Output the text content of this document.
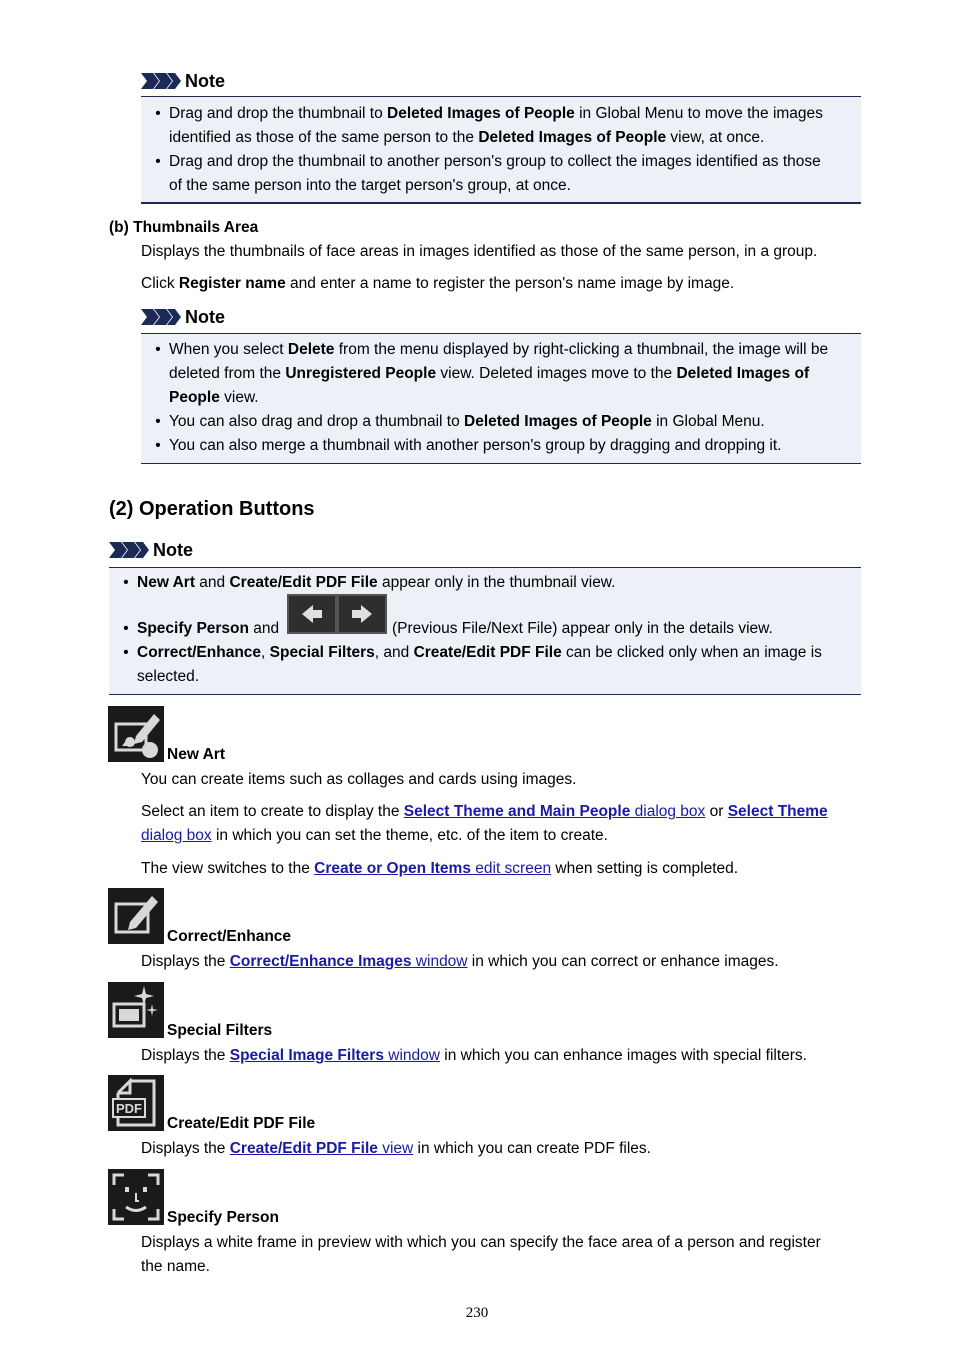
Note
• Drag and drop the thumbnail to Deleted Images of People in Global Menu to move the images
identified as those of the same person to the Deleted Images of People view, at once.
• Drag and drop the thumbnail to another person's group to collect the images identified as those
of the same person into the target person's group, at once.
(b) Thumbnails Area
Displays the thumbnails of face areas in images identified as those of the same person, in a group.
Click Register name and enter a name to register the person's name image by image.
Note
• When you select Delete from the menu displayed by right-clicking a thumbnail, the image will be
deleted from the Unregistered People view. Deleted images move to the Deleted Images of
People view.
• You can also drag and drop a thumbnail to Deleted Images of People in Global Menu.
• You can also merge a thumbnail with another person's group by dragging and dropping it.
(2) Operation Buttons
Note
• New Art and Create/Edit PDF File appear only in the thumbnail view.
• Specify Person and	(Previous File/Next File) appear only in the details view.
• Correct/Enhance, Special Filters, and Create/Edit PDF File can be clicked only when an image is
selected.
New Art
You can create items such as collages and cards using images.
Select an item to create to display the Select Theme and Main People dialog box or Select Theme
dialog box in which you can set the theme, etc. of the item to create.
The view switches to the Create or Open Items edit screen when setting is completed.
Correct/Enhance
Displays the Correct/Enhance Images window in which you can correct or enhance images.
Special Filters
Displays the Special Image Filters window in which you can enhance images with special filters.
PDF
Create/Edit PDF File
Displays the Create/Edit PDF File view in which you can create PDF files.
Specify Person
Displays a white frame in preview with which you can specify the face area of a person and register
the name.
230
